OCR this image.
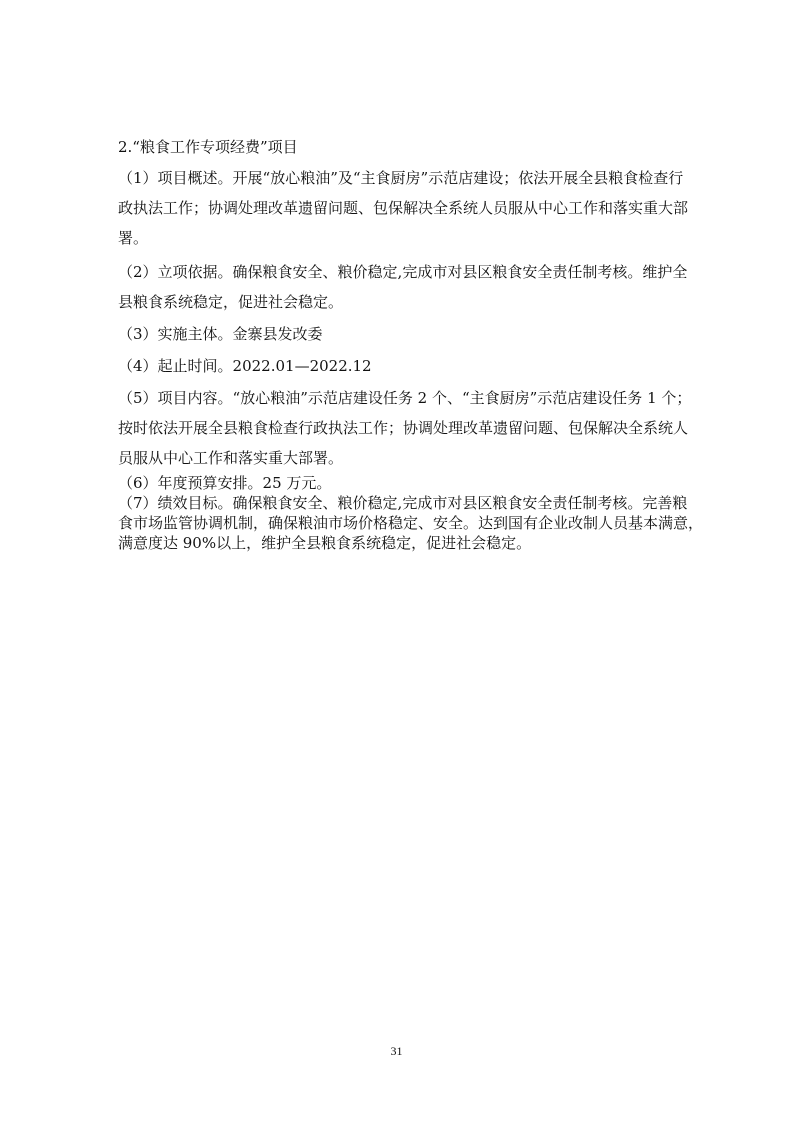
2.“粮食工作专项经费”项目
（1）项目概述。开展“放心粮油”及“主食厨房”示范店建设；依法开展全县粮食检查行
政执法工作；协调处理改革遗留问题、包保解决全系统人员服从中心工作和落实重大部
署。
（2）立项依据。确保粮食安全、粮价稳定,完成市对县区粮食安全责任制考核。维护全
县粮食系统稳定，促进社会稳定。
（3）实施主体。金寨县发改委
（4）起止时间。2022.01—2022.12
（5）项目内容。“放心粮油”示范店建设任务 2 个、“主食厨房”示范店建设任务 1 个；
按时依法开展全县粮食检查行政执法工作；协调处理改革遗留问题、包保解决全系统人
员服从中心工作和落实重大部署。
（6）年度预算安排。25 万元。
（7）绩效目标。确保粮食安全、粮价稳定,完成市对县区粮食安全责任制考核。完善粮
食市场监管协调机制，确保粮油市场价格稳定、安全。达到国有企业改制人员基本满意，
满意度达 90%以上，维护全县粮食系统稳定，促进社会稳定。
31
